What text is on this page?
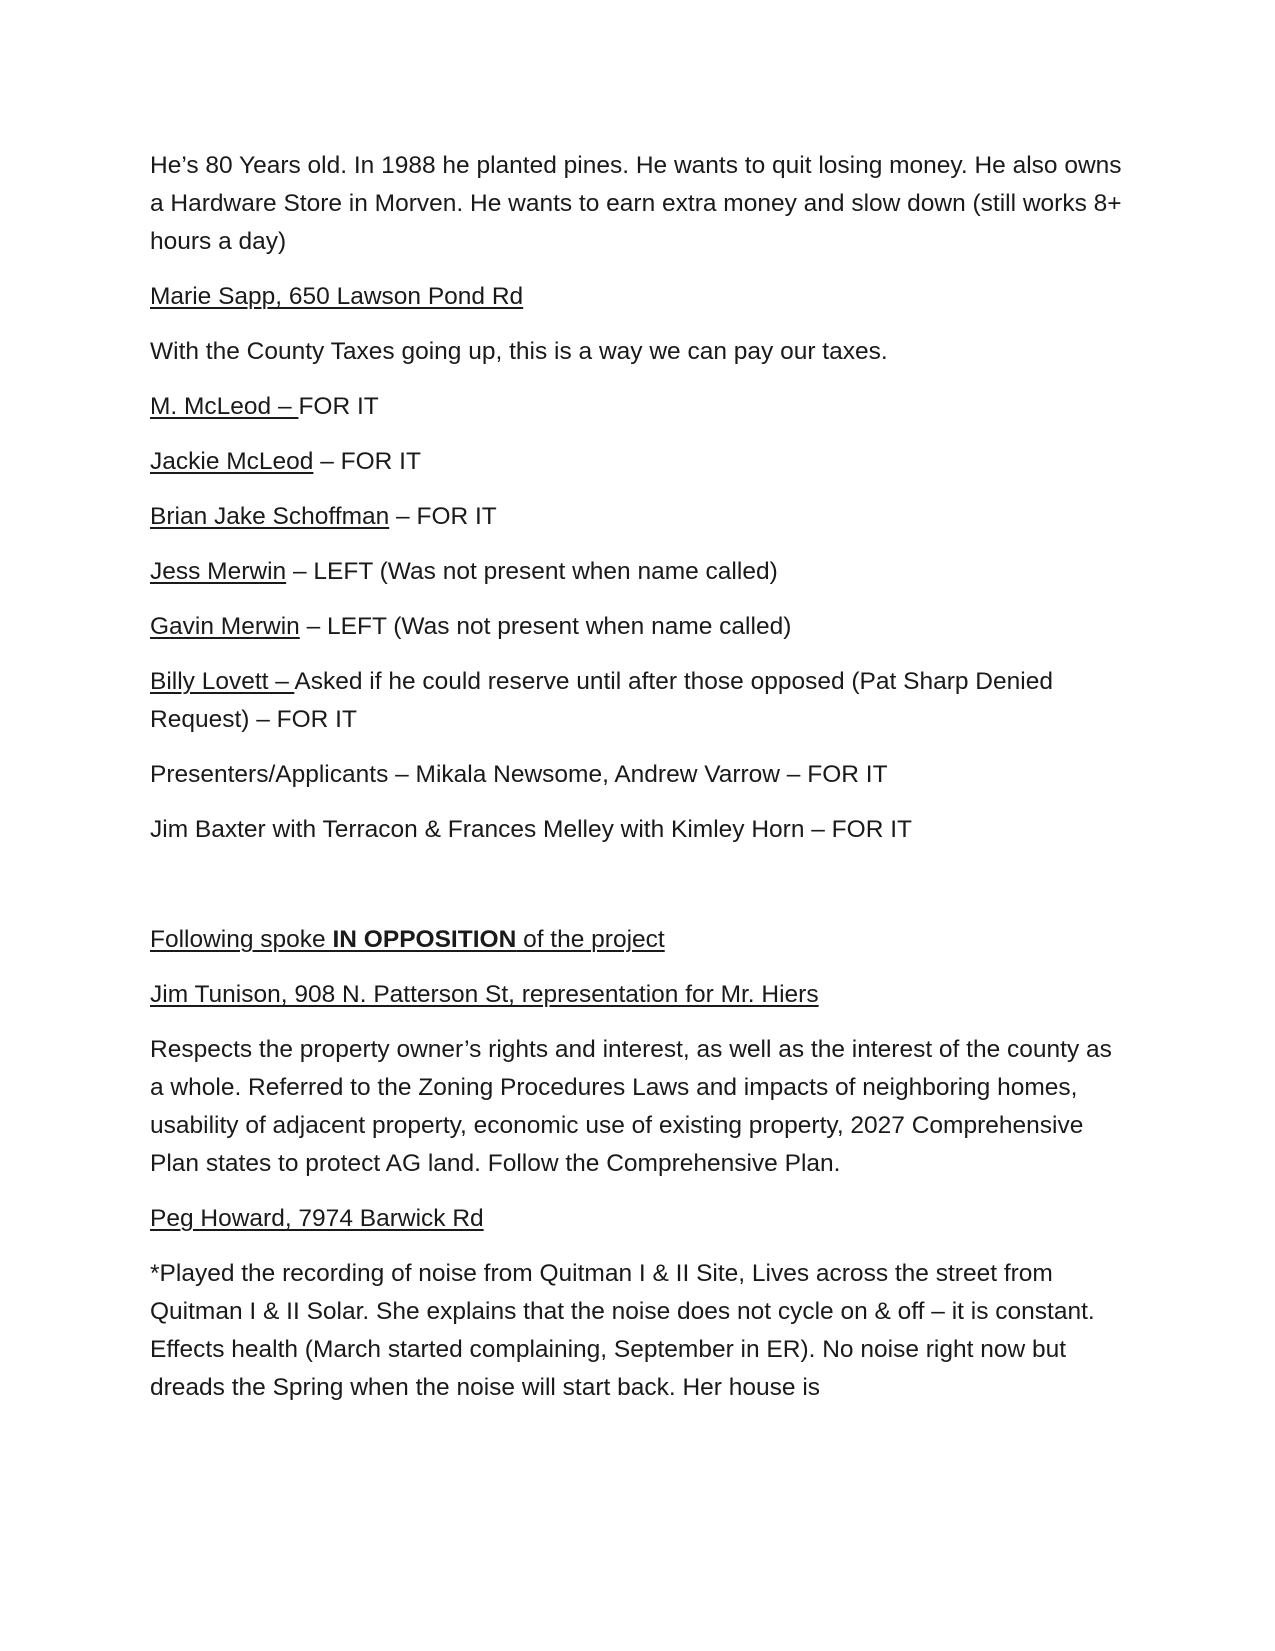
He’s 80 Years old. In 1988 he planted pines. He wants to quit losing money. He also owns a Hardware Store in Morven. He wants to earn extra money and slow down (still works 8+ hours a day)

Marie Sapp, 650 Lawson Pond Rd

With the County Taxes going up, this is a way we can pay our taxes.

M. McLeod – FOR IT

Jackie McLeod – FOR IT

Brian Jake Schoffman – FOR IT

Jess Merwin – LEFT (Was not present when name called)

Gavin Merwin – LEFT (Was not present when name called)

Billy Lovett – Asked if he could reserve until after those opposed (Pat Sharp Denied Request) – FOR IT

Presenters/Applicants – Mikala Newsome, Andrew Varrow – FOR IT

Jim Baxter with Terracon & Frances Melley with Kimley Horn – FOR IT

Following spoke IN OPPOSITION of the project

Jim Tunison, 908 N. Patterson St, representation for Mr. Hiers

Respects the property owner’s rights and interest, as well as the interest of the county as a whole. Referred to the Zoning Procedures Laws and impacts of neighboring homes, usability of adjacent property, economic use of existing property, 2027 Comprehensive Plan states to protect AG land. Follow the Comprehensive Plan.

Peg Howard, 7974 Barwick Rd

*Played the recording of noise from Quitman I & II Site, Lives across the street from Quitman I & II Solar. She explains that the noise does not cycle on & off – it is constant. Effects health (March started complaining, September in ER). No noise right now but dreads the Spring when the noise will start back. Her house is
